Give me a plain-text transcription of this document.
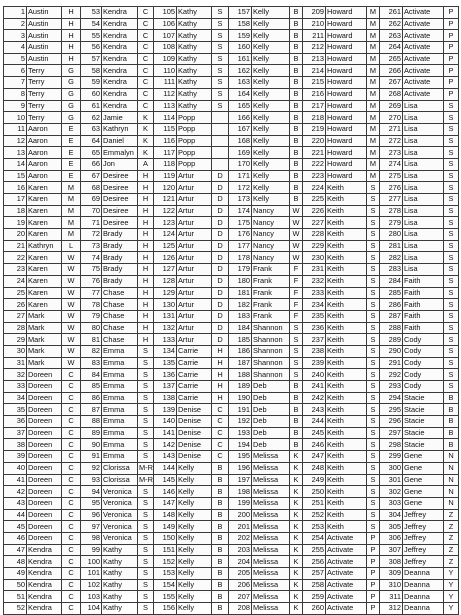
1	Austin	H	53	Kendra	C	105	Kathy	S	157	Kelly	B	209	Howard	M	261	Activate	P
2	Austin	H	54	Kendra	C	106	Kathy	S	158	Kelly	B	210	Howard	M	262	Activate	P
3	Austin	H	55	Kendra	C	107	Kathy	S	159	Kelly	B	211	Howard	M	263	Activate	P
4	Austin	H	56	Kendra	C	108	Kathy	S	160	Kelly	B	212	Howard	M	264	Activate	P
5	Austin	H	57	Kendra	C	109	Kathy	S	161	Kelly	B	213	Howard	M	265	Activate	P
6	Terry	G	58	Kendra	C	110	Kathy	S	162	Kelly	B	214	Howard	M	266	Activate	P
7	Terry	G	59	Kendra	C	111	Kathy	S	163	Kelly	B	215	Howard	M	267	Activate	P
8	Terry	G	60	Kendra	C	112	Kathy	S	164	Kelly	B	216	Howard	M	268	Activate	P
9	Terry	G	61	Kendra	C	113	Kathy	S	165	Kelly	B	217	Howard	M	269	Lisa	S
10	Terry	G	62	Jamie	K	114	Popp		166	Kelly	B	218	Howard	M	270	Lisa	S
11	Aaron	E	63	Kathryn	K	115	Popp		167	Kelly	B	219	Howard	M	271	Lisa	S
12	Aaron	E	64	Daniel	K	116	Popp		168	Kelly	B	220	Howard	M	272	Lisa	S
13	Aaron	E	65	Emmalyn	K	117	Popp		169	Kelly	B	221	Howard	M	273	Lisa	S
14	Aaron	E	66	Jon	A	118	Popp		170	Kelly	B	222	Howard	M	274	Lisa	S
15	Aaron	E	67	Desiree	H	119	Artur	D	171	Kelly	B	223	Howard	M	275	Lisa	S
16	Karen	M	68	Desiree	H	120	Artur	D	172	Kelly	B	224	Keith	S	276	Lisa	S
17	Karen	M	69	Desiree	H	121	Artur	D	173	Kelly	B	225	Keith	S	277	Lisa	S
18	Karen	M	70	Desiree	H	122	Artur	D	174	Nancy	W	226	Keith	S	278	Lisa	S
19	Karen	M	71	Desiree	H	123	Artur	D	175	Nancy	W	227	Keith	S	279	Lisa	S
20	Karen	M	72	Brady	H	124	Artur	D	176	Nancy	W	228	Keith	S	280	Lisa	S
21	Kathryn	L	73	Brady	H	125	Artur	D	177	Nancy	W	229	Keith	S	281	Lisa	S
22	Karen	W	74	Brady	H	126	Artur	D	178	Nancy	W	230	Keith	S	282	Lisa	S
23	Karen	W	75	Brady	H	127	Artur	D	179	Frank	F	231	Keith	S	283	Lisa	S
24	Karen	W	76	Brady	H	128	Artur	D	180	Frank	F	232	Keith	S	284	Faith	S
25	Karen	W	77	Chase	H	129	Artur	D	181	Frank	F	233	Keith	S	285	Faith	S
26	Karen	W	78	Chase	H	130	Artur	D	182	Frank	F	234	Keith	S	286	Faith	S
27	Mark	W	79	Chase	H	131	Artur	D	183	Frank	F	235	Keith	S	287	Faith	S
28	Mark	W	80	Chase	H	132	Artur	D	184	Shannon	S	236	Keith	S	288	Faith	S
29	Mark	W	81	Chase	H	133	Artur	D	185	Shannon	S	237	Keith	S	289	Cody	S
30	Mark	W	82	Emma	S	134	Carrie	H	186	Shannon	S	238	Keith	S	290	Cody	S
31	Mark	W	83	Emma	S	135	Carrie	H	187	Shannon	S	239	Keith	S	291	Cody	S
32	Doreen	C	84	Emma	S	136	Carrie	H	188	Shannon	S	240	Keith	S	292	Cody	S
33	Doreen	C	85	Emma	S	137	Carrie	H	189	Deb	B	241	Keith	S	293	Cody	S
34	Doreen	C	86	Emma	S	138	Carrie	H	190	Deb	B	242	Keith	S	294	Stacie	B
35	Doreen	C	87	Emma	S	139	Denise	C	191	Deb	B	243	Keith	S	295	Stacie	B
36	Doreen	C	88	Emma	S	140	Denise	C	192	Deb	B	244	Keith	S	296	Stacie	B
37	Doreen	C	89	Emma	S	141	Denise	C	193	Deb	B	245	Keith	S	297	Stacie	B
38	Doreen	C	90	Emma	S	142	Denise	C	194	Deb	B	246	Keith	S	298	Stacie	B
39	Doreen	C	91	Emma	S	143	Denise	C	195	Melissa	K	247	Keith	S	299	Gene	N
40	Doreen	C	92	Clorissa	M-R	144	Kelly	B	196	Melissa	K	248	Keith	S	300	Gene	N
41	Doreen	C	93	Clorissa	M-R	145	Kelly	B	197	Melissa	K	249	Keith	S	301	Gene	N
42	Doreen	C	94	Veronica	S	146	Kelly	B	198	Melissa	K	250	Keith	S	302	Gene	N
43	Doreen	C	95	Veronica	S	147	Kelly	B	199	Melissa	K	251	Keith	S	303	Gene	N
44	Doreen	C	96	Veronica	S	148	Kelly	B	200	Melissa	K	252	Keith	S	304	Jeffrey	Z
45	Doreen	C	97	Veronica	S	149	Kelly	B	201	Melissa	K	253	Keith	S	305	Jeffrey	Z
46	Doreen	C	98	Veronica	S	150	Kelly	B	202	Melissa	K	254	Activate	P	306	Jeffrey	Z
47	Kendra	C	99	Kathy	S	151	Kelly	B	203	Melissa	K	255	Activate	P	307	Jeffrey	Z
48	Kendra	C	100	Kathy	S	152	Kelly	B	204	Melissa	K	256	Activate	P	308	Jeffrey	Z
49	Kendra	C	101	Kathy	S	153	Kelly	B	205	Melissa	K	257	Activate	P	309	Deanna	Y
50	Kendra	C	102	Kathy	S	154	Kelly	B	206	Melissa	K	258	Activate	P	310	Deanna	Y
51	Kendra	C	103	Kathy	S	155	Kelly	B	207	Melissa	K	259	Activate	P	311	Deanna	Y
52	Kendra	C	104	Kathy	S	156	Kelly	B	208	Melissa	K	260	Activate	P	312	Deanna	Y
